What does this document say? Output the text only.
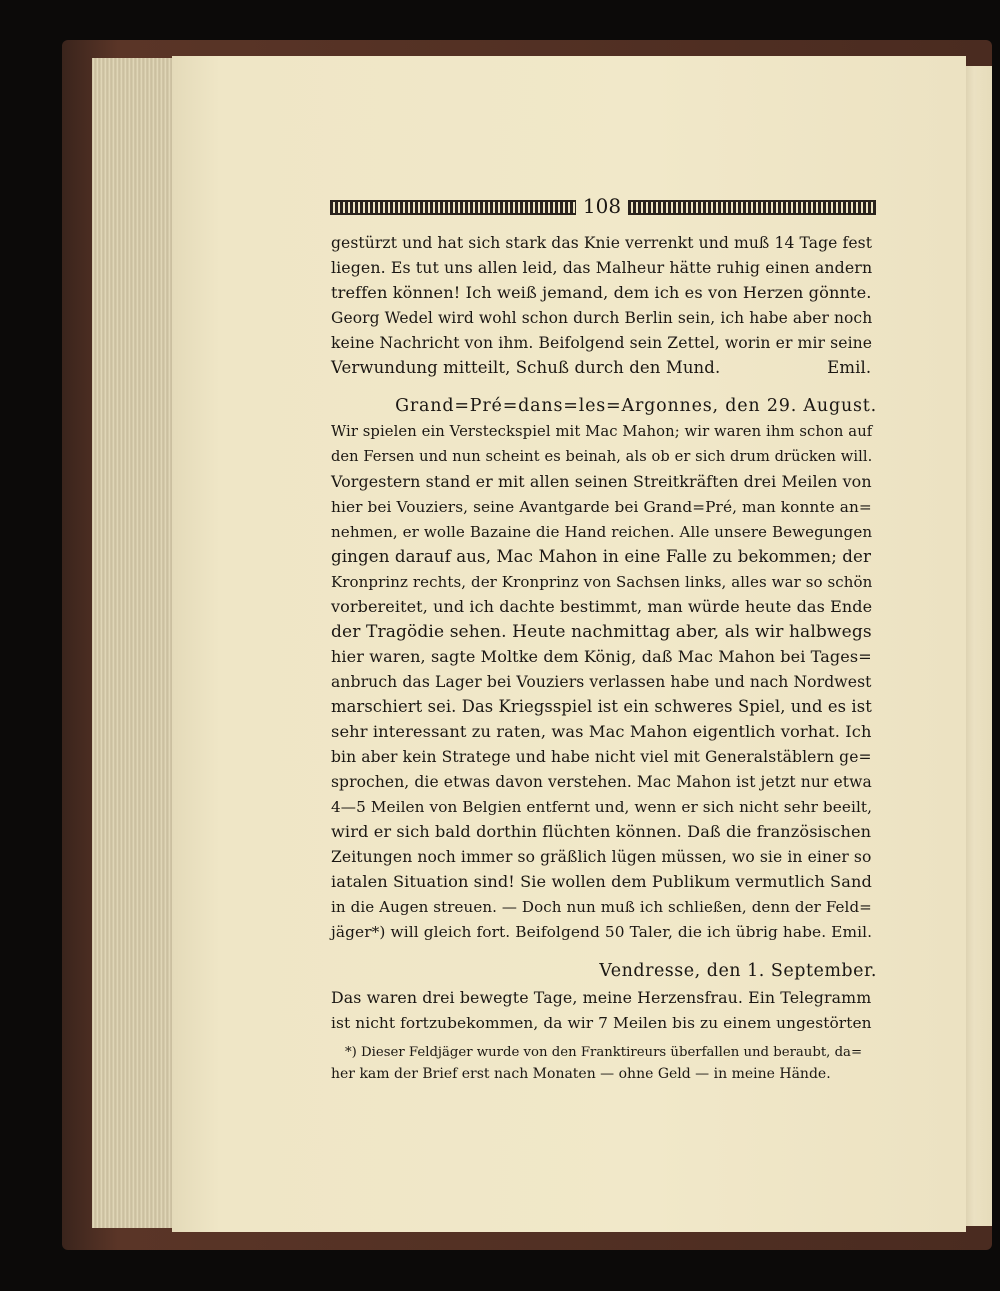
108
gestürzt und hat sich stark das Knie verrenkt und muß 14 Tage fest
liegen. Es tut uns allen leid, das Malheur hätte ruhig einen andern
treffen können! Ich weiß jemand, dem ich es von Herzen gönnte.
Georg Wedel wird wohl schon durch Berlin sein, ich habe aber noch
keine Nachricht von ihm. Beifolgend sein Zettel, worin er mir seine
Verwundung mitteilt, Schuß durch den Mund.                    Emil.
Grand=Pré=dans=les=Argonnes, den 29. August.
Wir spielen ein Versteckspiel mit Mac Mahon; wir waren ihm schon auf
den Fersen und nun scheint es beinah, als ob er sich drum drücken will.
Vorgestern stand er mit allen seinen Streitkräften drei Meilen von
hier bei Vouziers, seine Avantgarde bei Grand=Pré, man konnte an=
nehmen, er wolle Bazaine die Hand reichen. Alle unsere Bewegungen
gingen darauf aus, Mac Mahon in eine Falle zu bekommen; der
Kronprinz rechts, der Kronprinz von Sachsen links, alles war so schön
vorbereitet, und ich dachte bestimmt, man würde heute das Ende
der Tragödie sehen. Heute nachmittag aber, als wir halbwegs
hier waren, sagte Moltke dem König, daß Mac Mahon bei Tages=
anbruch das Lager bei Vouziers verlassen habe und nach Nordwest
marschiert sei. Das Kriegsspiel ist ein schweres Spiel, und es ist
sehr interessant zu raten, was Mac Mahon eigentlich vorhat. Ich
bin aber kein Stratege und habe nicht viel mit Generalstäblern ge=
sprochen, die etwas davon verstehen. Mac Mahon ist jetzt nur etwa
4—5 Meilen von Belgien entfernt und, wenn er sich nicht sehr beeilt,
wird er sich bald dorthin flüchten können. Daß die französischen
Zeitungen noch immer so gräßlich lügen müssen, wo sie in einer so
iatalen Situation sind! Sie wollen dem Publikum vermutlich Sand
in die Augen streuen. — Doch nun muß ich schließen, denn der Feld=
jäger*) will gleich fort. Beifolgend 50 Taler, die ich übrig habe. Emil.
Vendresse, den 1. September.
Das waren drei bewegte Tage, meine Herzensfrau. Ein Telegramm
ist nicht fortzubekommen, da wir 7 Meilen bis zu einem ungestörten
*) Dieser Feldjäger wurde von den Franktireurs überfallen und beraubt, da=
her kam der Brief erst nach Monaten — ohne Geld — in meine Hände.
